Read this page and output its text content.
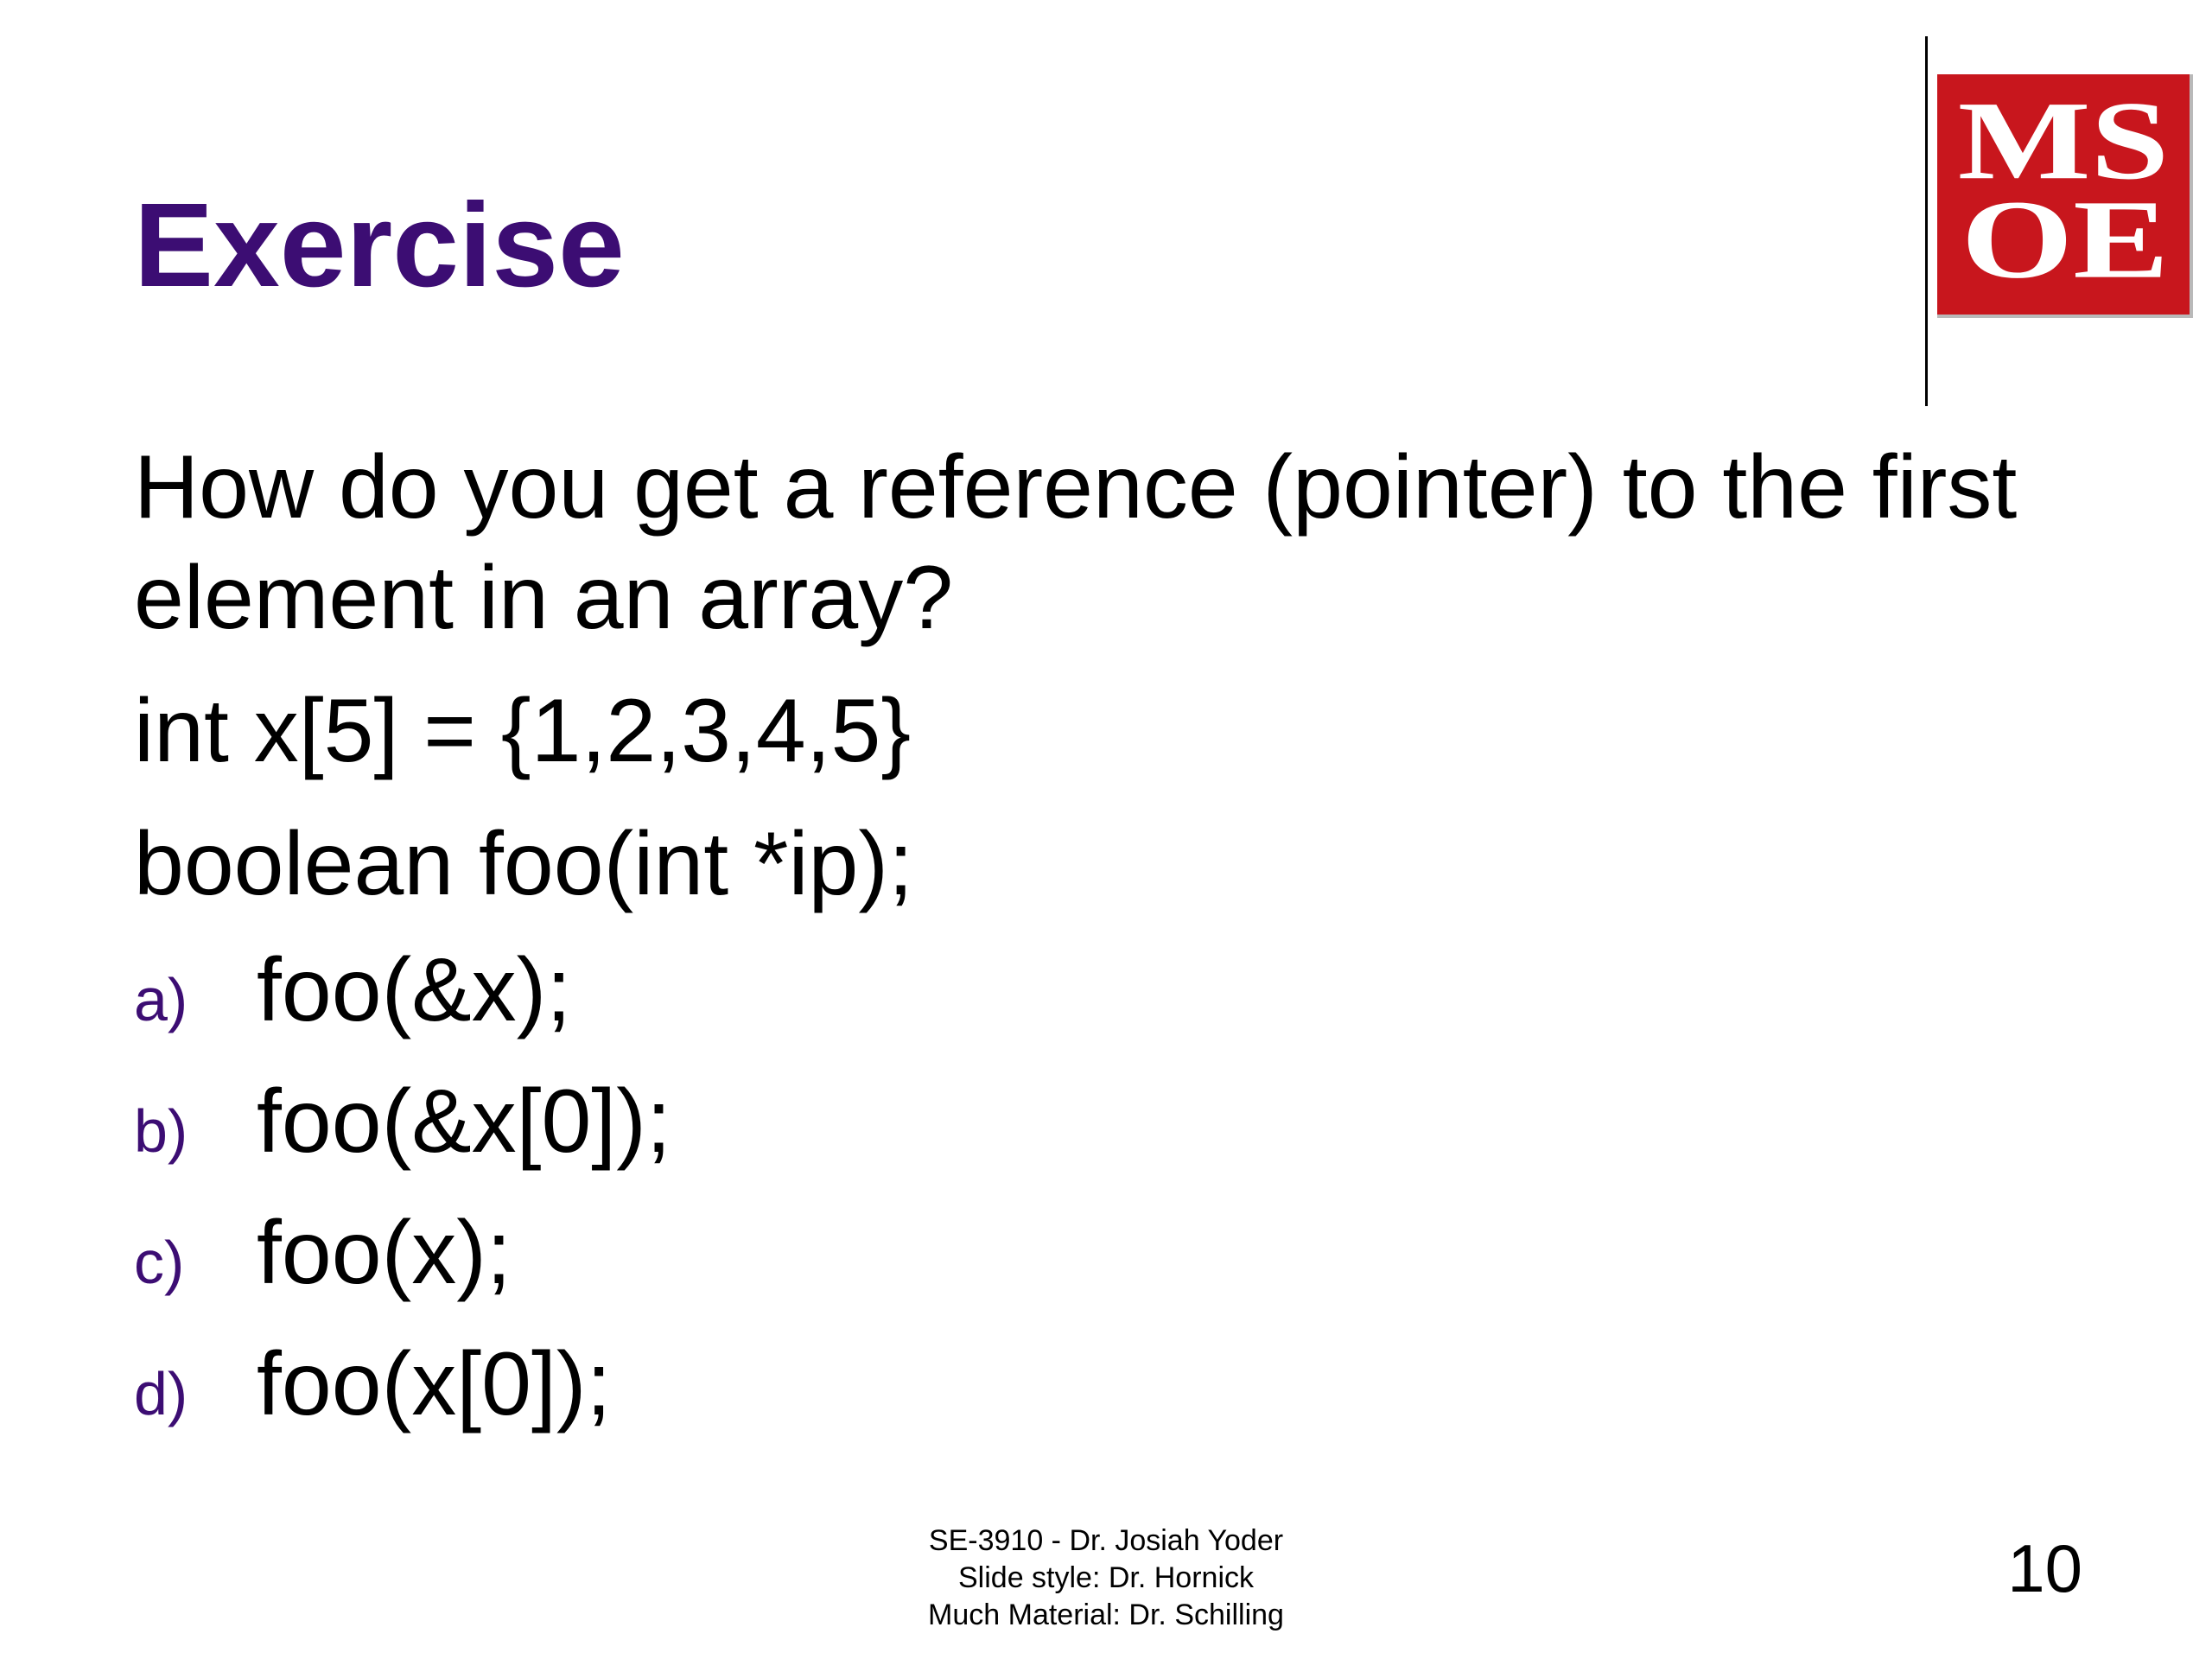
Exercise
MS
OE
How do you get a reference (pointer) to the first
element in an array?
int x[5] = {1,2,3,4,5}
boolean foo(int *ip);
a) foo(&x);
b) foo(&x[0]);
c) foo(x);
d) foo(x[0]);
SE-3910 - Dr. Josiah Yoder
Slide style: Dr. Hornick
Much Material: Dr. Schilling
10
